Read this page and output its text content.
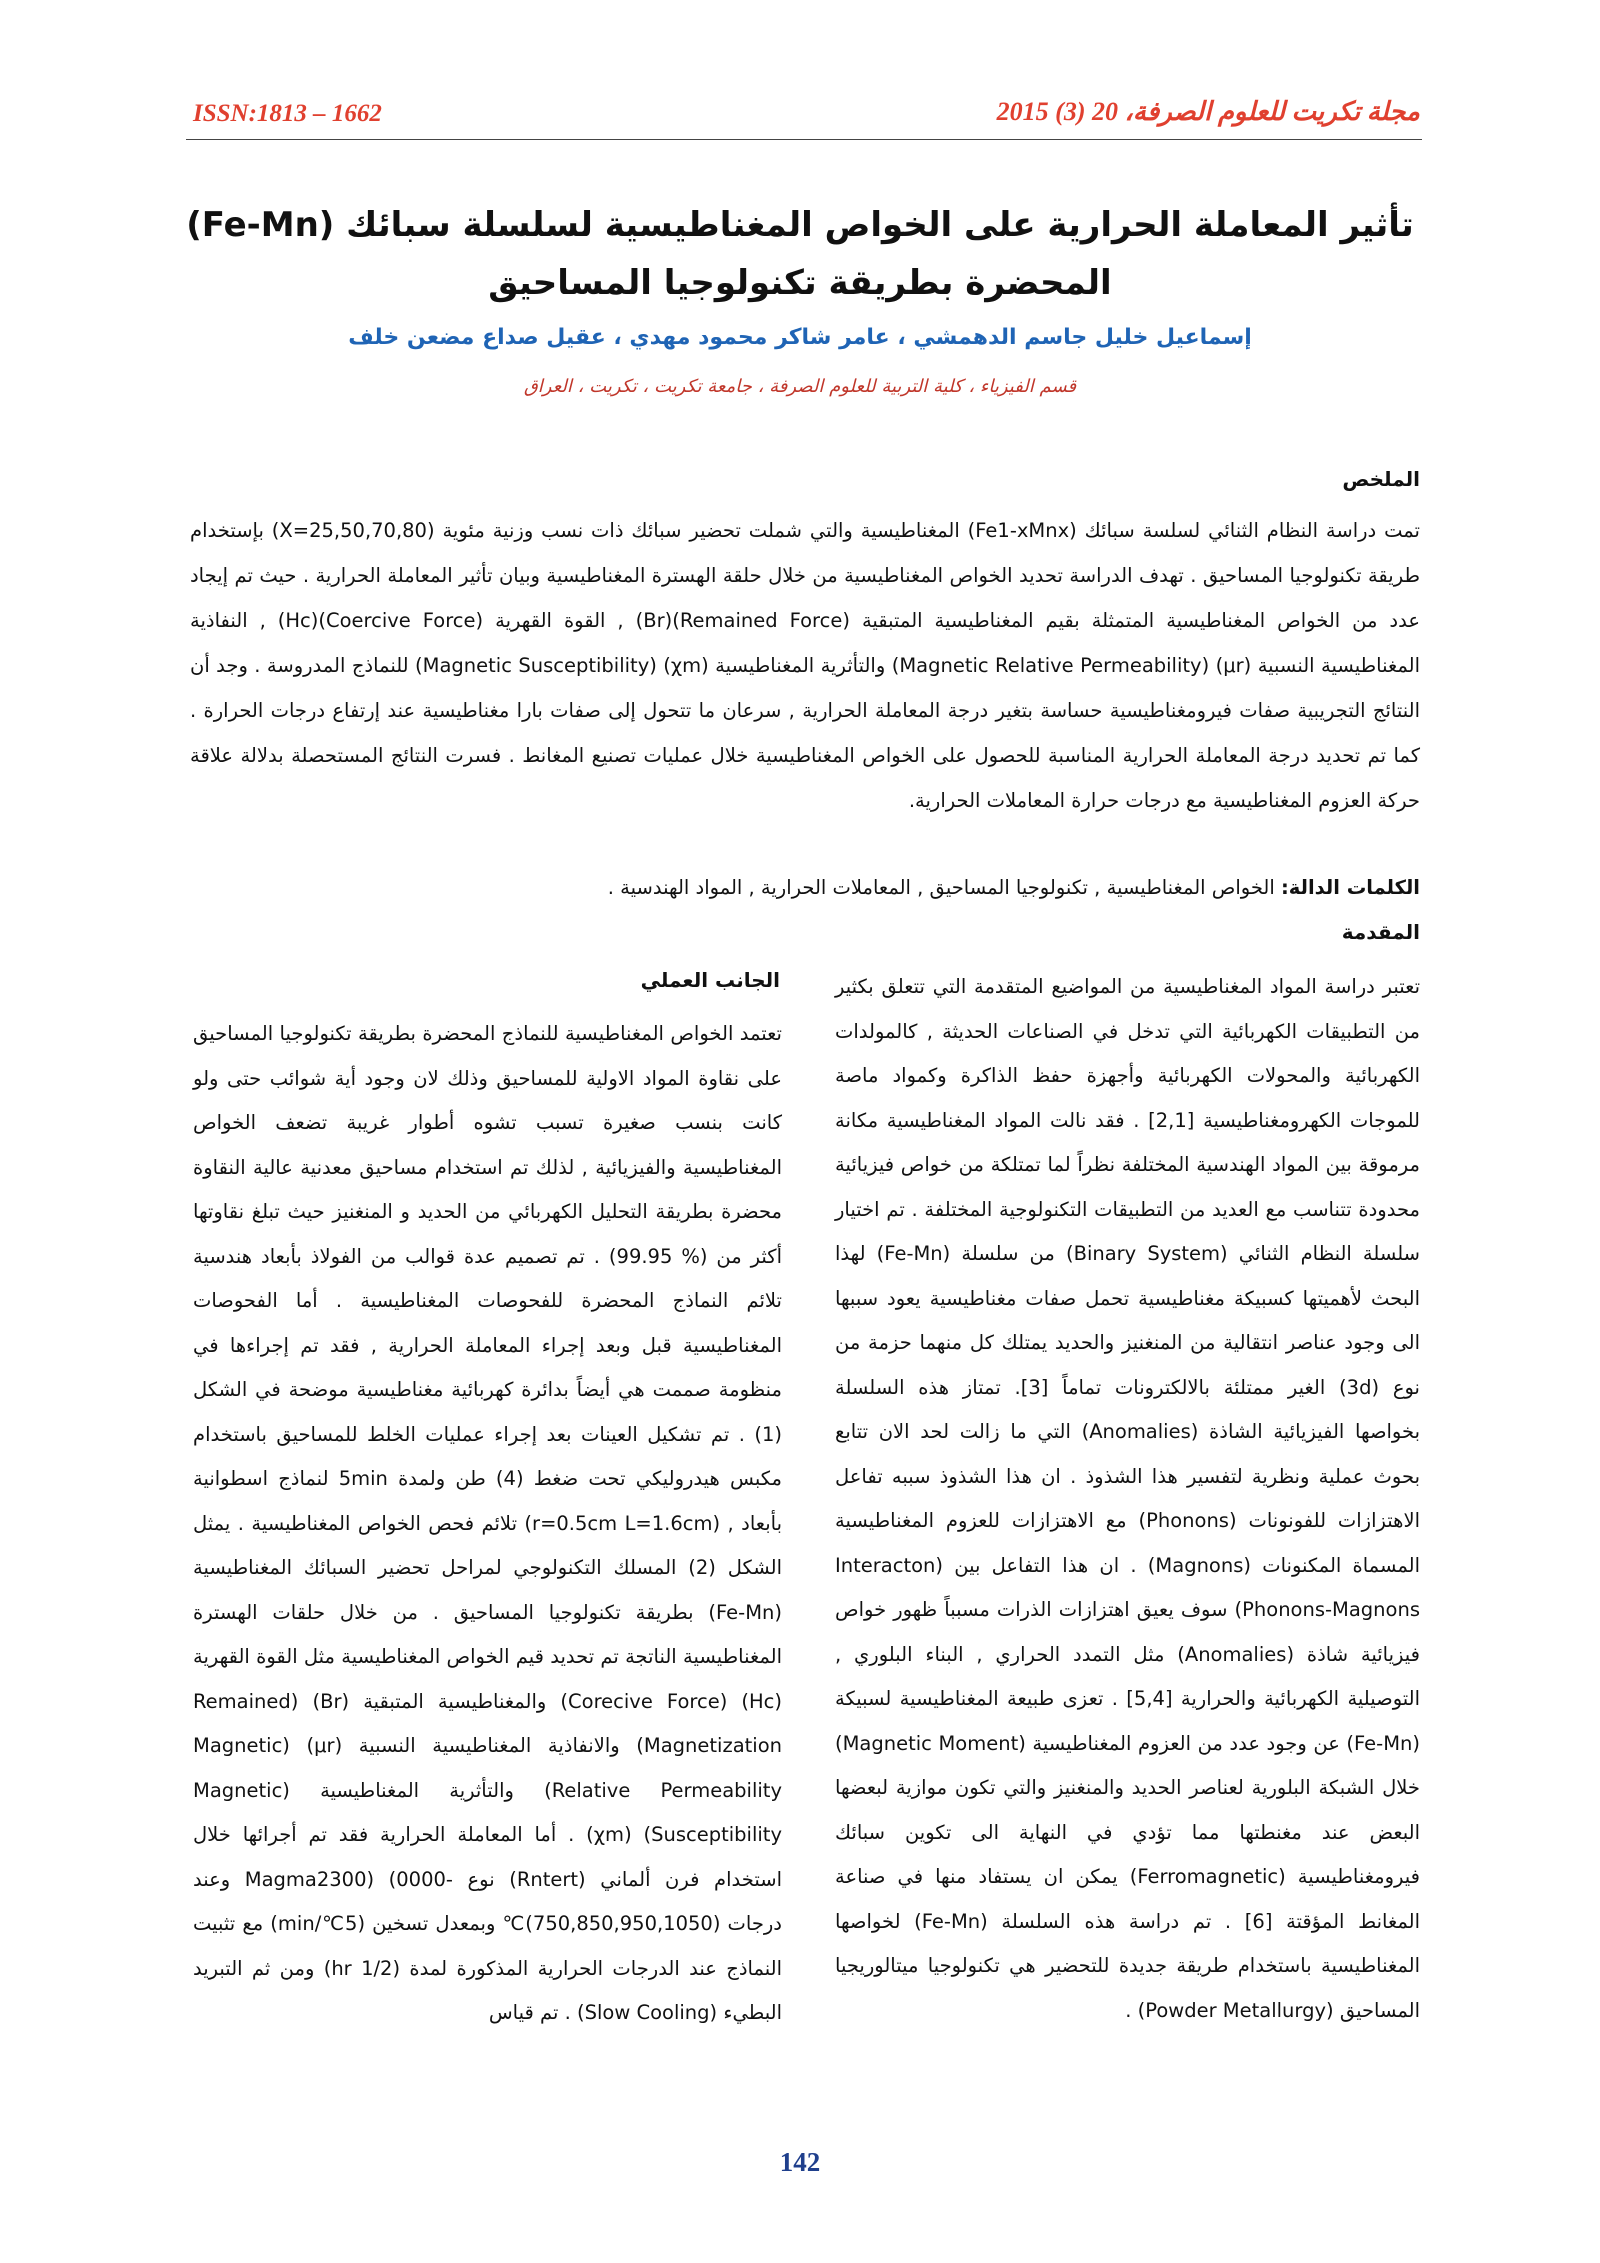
ISSN:1813 – 1662	مجلة تكريت للعلوم الصرفة، 20 (3) 2015
تأثير المعاملة الحرارية على الخواص المغناطيسية لسلسلة سبائك (Fe-Mn) المحضرة بطريقة تكنولوجيا المساحيق
إسماعيل خليل جاسم الدهمشي ، عامر شاكر محمود مهدي ، عقيل صداع مضعن خلف
قسم الفيزياء ، كلية التربية للعلوم الصرفة ، جامعة تكريت ، تكريت ، العراق
الملخص
تمت دراسة النظام الثنائي لسلسة سبائك (Fe1-xMnx) المغناطيسية والتي شملت تحضير سبائك ذات نسب وزنية مئوية (X=25,50,70,80) بإستخدام طريقة تكنولوجيا المساحيق . تهدف الدراسة تحديد الخواص المغناطيسية من خلال حلقة الهسترة المغناطيسية وبيان تأثير المعاملة الحرارية . حيث تم إيجاد عدد من الخواص المغناطيسية المتمثلة بقيم المغناطيسية المتبقية (Remained Force)(Br) , القوة القهرية (Coercive Force)(Hc) , النفاذية المغناطيسية النسبية (μr) (Magnetic Relative Permeability) والتأثرية المغناطيسية (χm) (Magnetic Susceptibility) للنماذج المدروسة . وجد أن النتائج التجريبية صفات فيرومغناطيسية حساسة بتغير درجة المعاملة الحرارية , سرعان ما تتحول إلى صفات بارا مغناطيسية عند إرتفاع درجات الحرارة . كما تم تحديد درجة المعاملة الحرارية المناسبة للحصول على الخواص المغناطيسية خلال عمليات تصنيع المغانط . فسرت النتائج المستحصلة بدلالة علاقة حركة العزوم المغناطيسية مع درجات حرارة المعاملات الحرارية.
الكلمات الدالة: الخواص المغناطيسية , تكنولوجيا المساحيق , المعاملات الحرارية , المواد الهندسية .
المقدمة
تعتبر دراسة المواد المغناطيسية من المواضيع المتقدمة التي تتعلق بكثير من التطبيقات الكهربائية التي تدخل في الصناعات الحديثة , كالمولدات الكهربائية والمحولات الكهربائية وأجهزة حفظ الذاكرة وكمواد ماصة للموجات الكهرومغناطيسية [2,1] . فقد نالت المواد المغناطيسية مكانة مرموقة بين المواد الهندسية المختلفة نظراً لما تمتلكة من خواص فيزيائية محدودة تتناسب مع العديد من التطبيقات التكنولوجية المختلفة . تم اختيار سلسلة النظام الثنائي (Binary System) من سلسلة (Fe-Mn) لهذا البحث لأهميتها كسبيكة مغناطيسية تحمل صفات مغناطيسية يعود سببها الى وجود عناصر انتقالية من المنغنيز والحديد يمتلك كل منهما حزمة من نوع (3d) الغير ممتلئة بالالكترونات تماماً [3]. تمتاز هذه السلسلة بخواصها الفيزيائية الشاذة (Anomalies) التي ما زالت لحد الان تتابع بحوث عملية ونظرية لتفسير هذا الشذوذ . ان هذا الشذوذ سببه تفاعل الاهتزازات للفونونات (Phonons) مع الاهتزازات للعزوم المغناطيسية المسماة المكنونات (Magnons) . ان هذا التفاعل بين (Interacton Phonons-Magnons) سوف يعيق اهتزازات الذرات مسبباً ظهور خواص فيزيائية شاذة (Anomalies) مثل التمدد الحراري , البناء البلوري , التوصيلية الكهربائية والحرارية [5,4] . تعزى طبيعة المغناطيسية لسبيكة (Fe-Mn) عن وجود عدد من العزوم المغناطيسية (Magnetic Moment) خلال الشبكة البلورية لعناصر الحديد والمنغنيز والتي تكون موازية لبعضها البعض عند مغنطتها مما تؤدي في النهاية الى تكوين سبائك فيرومغناطيسية (Ferromagnetic) يمكن ان يستفاد منها في صناعة المغانط المؤقتة [6] . تم دراسة هذه السلسلة (Fe-Mn) لخواصها المغناطيسية باستخدام طريقة جديدة للتحضير هي تكنولوجيا ميتالوريجيا المساحيق (Powder Metallurgy) .
الجانب العملي
تعتمد الخواص المغناطيسية للنماذج المحضرة بطريقة تكنولوجيا المساحيق على نقاوة المواد الاولية للمساحيق وذلك لان وجود أية شوائب حتى ولو كانت بنسب صغيرة تسبب تشوه أطوار غريبة تضعف الخواص المغناطيسية والفيزيائية , لذلك تم استخدام مساحيق معدنية عالية النقاوة محضرة بطريقة التحليل الكهربائي من الحديد و المنغنيز حيث تبلغ نقاوتها أكثر من (% 99.95) . تم تصميم عدة قوالب من الفولاذ بأبعاد هندسية تلائم النماذج المحضرة للفحوصات المغناطيسية . أما الفحوصات المغناطيسية قبل وبعد إجراء المعاملة الحرارية , فقد تم إجراءها في منظومة صممت هي أيضاً بدائرة كهربائية مغناطيسية موضحة في الشكل (1) . تم تشكيل العينات بعد إجراء عمليات الخلط للمساحيق باستخدام مكبس هيدروليكي تحت ضغط (4) طن ولمدة 5min لنماذج اسطوانية بأبعاد , (r=0.5cm L=1.6cm) تلائم فحص الخواص المغناطيسية . يمثل الشكل (2) المسلك التكنولوجي لمراحل تحضير السبائك المغناطيسية (Fe-Mn) بطريقة تكنولوجيا المساحيق . من خلال حلقات الهسترة المغناطيسية الناتجة تم تحديد قيم الخواص المغناطيسية مثل القوة القهرية (Hc) (Corecive Force) والمغناطيسية المتبقية (Br) (Remained Magnetization) والانفاذية المغناطيسية النسبية (μr) (Magnetic Relative Permeability) والتأثرية المغناطيسية (Magnetic Susceptibility) (χm) . أما المعاملة الحرارية فقد تم أجرائها خلال استخدام فرن ألماني (Rntert) نوع -Magma2300) (0000 وعند درجات (750,850,950,1050)℃ وبمعدل تسخين (5℃/min) مع تثبيت النماذج عند الدرجات الحرارية المذكورة لمدة (1/2 hr) ومن ثم التبريد البطيء (Slow Cooling) . تم قياس
142
